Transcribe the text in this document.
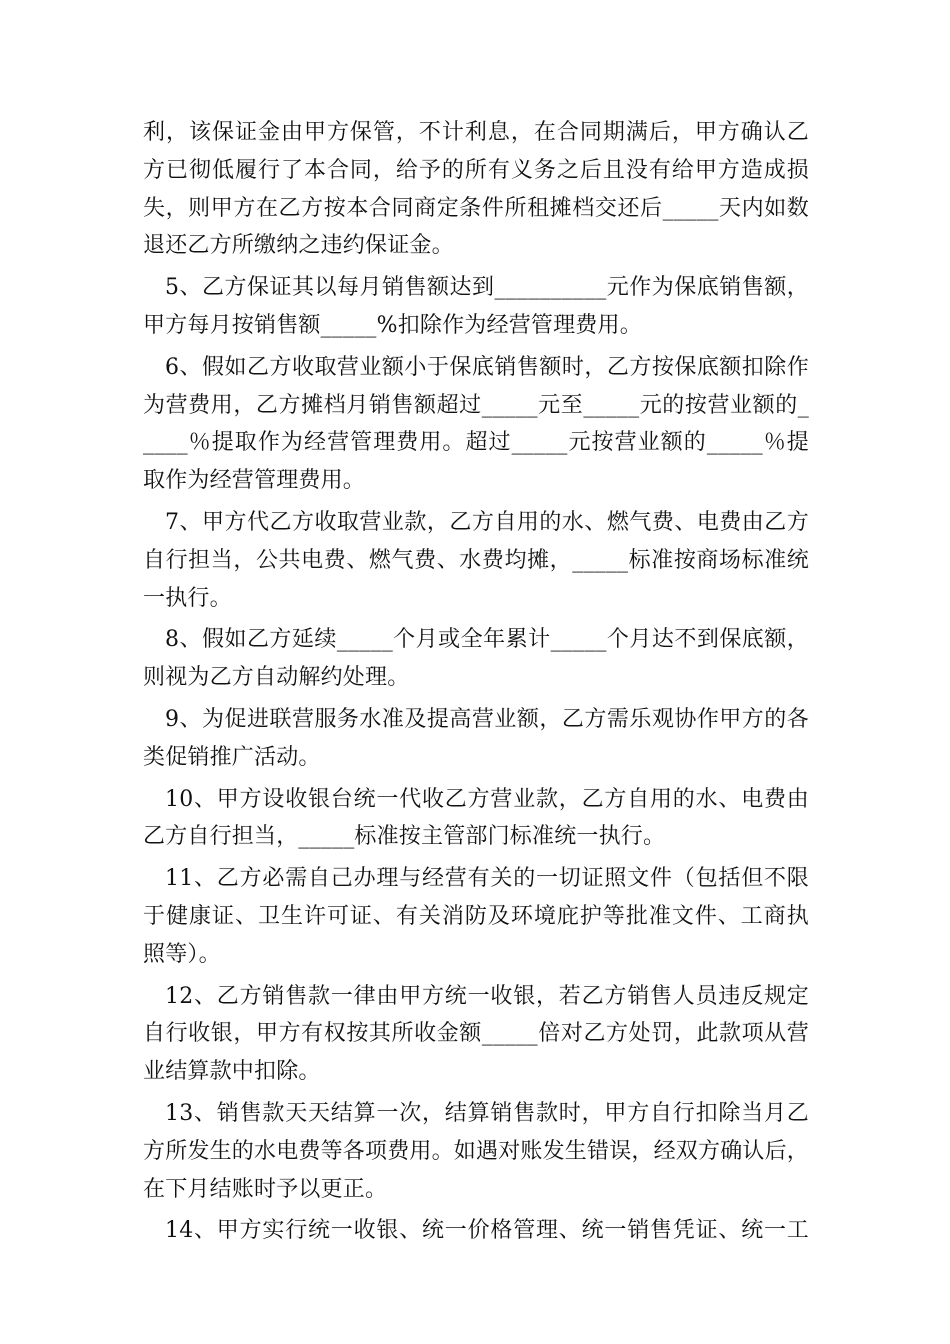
利，该保证金由甲方保管，不计利息，在合同期满后，甲方确认乙
方已彻低履行了本合同，给予的所有义务之后且没有给甲方造成损
失，则甲方在乙方按本合同商定条件所租摊档交还后_____天内如数
退还乙方所缴纳之违约保证金。
5、乙方保证其以每月销售额达到__________元作为保底销售额，
甲方每月按销售额_____%扣除作为经营管理费用。
6、假如乙方收取营业额小于保底销售额时，乙方按保底额扣除作
为营费用，乙方摊档月销售额超过_____元至_____元的按营业额的_
____％提取作为经营管理费用。超过_____元按营业额的_____％提
取作为经营管理费用。
7、甲方代乙方收取营业款，乙方自用的水、燃气费、电费由乙方
自行担当，公共电费、燃气费、水费均摊，_____标准按商场标准统
一执行。
8、假如乙方延续_____个月或全年累计_____个月达不到保底额，
则视为乙方自动解约处理。
9、为促进联营服务水准及提高营业额，乙方需乐观协作甲方的各
类促销推广活动。
10、甲方设收银台统一代收乙方营业款，乙方自用的水、电费由
乙方自行担当，_____标准按主管部门标准统一执行。
11、乙方必需自己办理与经营有关的一切证照文件（包括但不限
于健康证、卫生许可证、有关消防及环境庇护等批准文件、工商执
照等）。
12、乙方销售款一律由甲方统一收银，若乙方销售人员违反规定
自行收银，甲方有权按其所收金额_____倍对乙方处罚，此款项从营
业结算款中扣除。
13、销售款天天结算一次，结算销售款时，甲方自行扣除当月乙
方所发生的水电费等各项费用。如遇对账发生错误，经双方确认后，
在下月结账时予以更正。
14、甲方实行统一收银、统一价格管理、统一销售凭证、统一工
